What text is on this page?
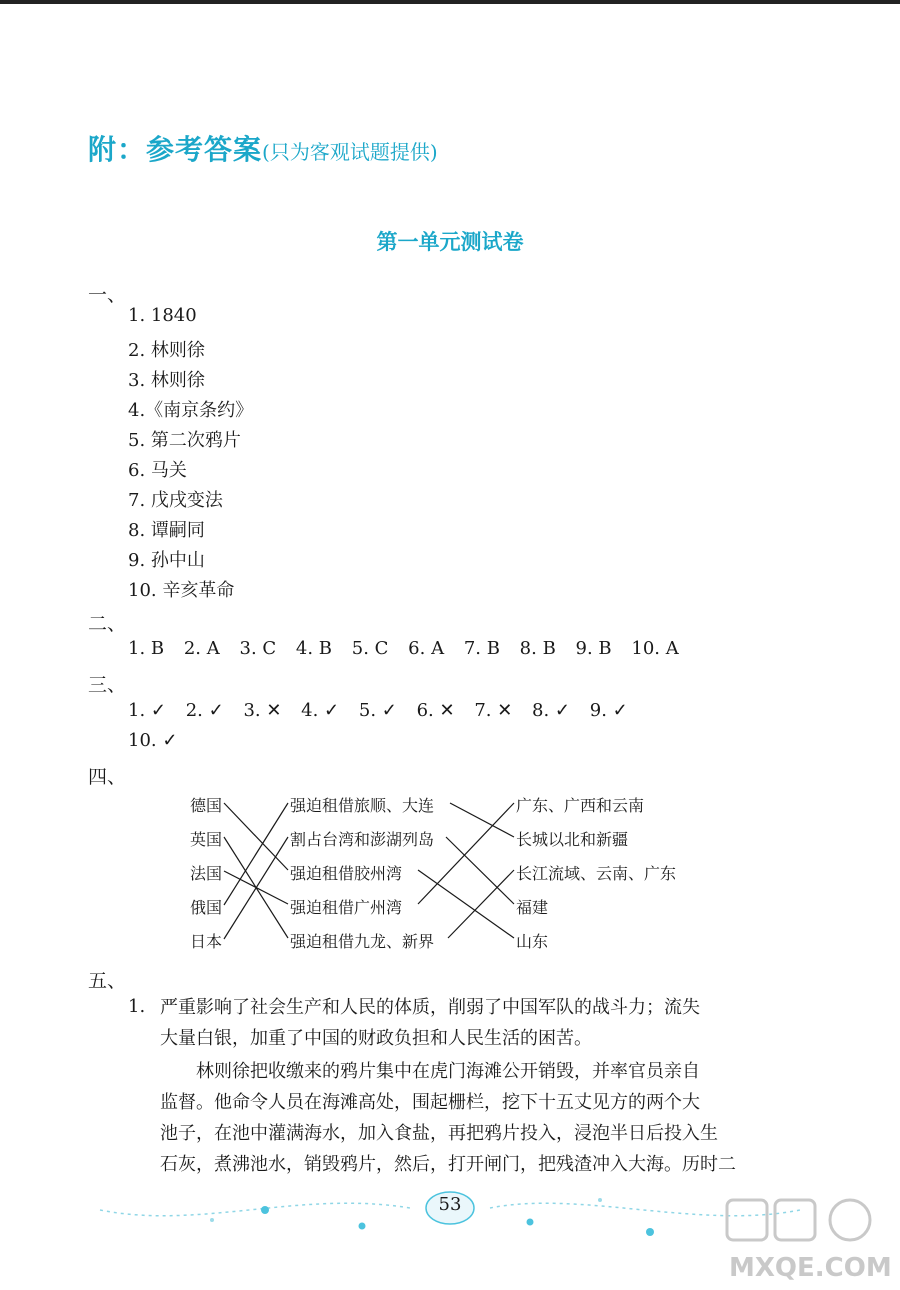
附：参考答案(只为客观试题提供)
第一单元测试卷
一、
1. 1840
2. 林则徐
3. 林则徐
4.《南京条约》
5. 第二次鸦片
6. 马关
7. 戊戌变法
8. 谭嗣同
9. 孙中山
10. 辛亥革命
二、
1. B 2. A 3. C 4. B 5. C 6. A 7. B 8. B 9. B 10. A
三、
1. ✓ 2. ✓ 3. ✕ 4. ✓ 5. ✓ 6. ✕ 7. ✕ 8. ✓ 9. ✓
10. ✓
四、
德国
英国
法国
俄国
日本
强迫租借旅顺、大连
割占台湾和澎湖列岛
强迫租借胶州湾
强迫租借广州湾
强迫租借九龙、新界
广东、广西和云南
长城以北和新疆
长江流域、云南、广东
福建
山东
五、
1. 严重影响了社会生产和人民的体质，削弱了中国军队的战斗力；流失
大量白银，加重了中国的财政负担和人民生活的困苦。
林则徐把收缴来的鸦片集中在虎门海滩公开销毁，并率官员亲自
监督。他命令人员在海滩高处，围起栅栏，挖下十五丈见方的两个大
池子，在池中灌满海水，加入食盐，再把鸦片投入，浸泡半日后投入生
石灰，煮沸池水，销毁鸦片，然后，打开闸门，把残渣冲入大海。历时二
53
MXQE.COM
